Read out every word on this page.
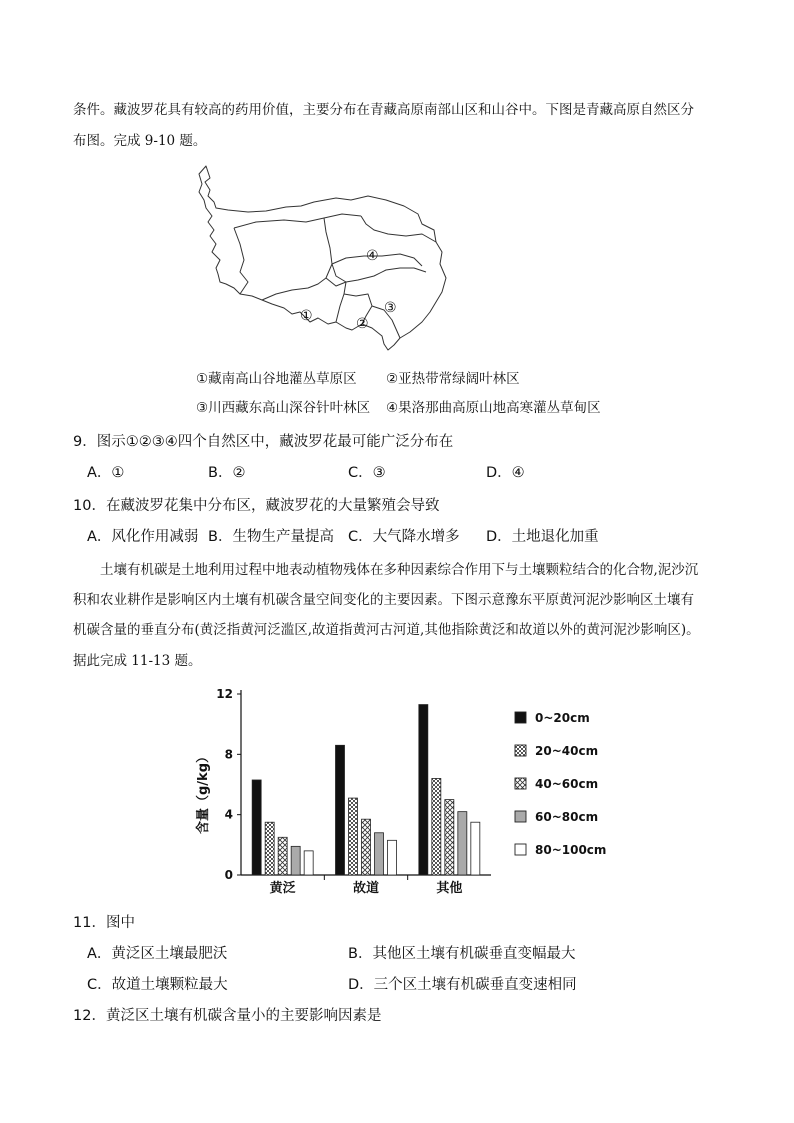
条件。藏波罗花具有较高的药用价值，主要分布在青藏高原南部山区和山谷中。下图是青藏高原自然区分
布图。完成 9-10 题。
①	②
③
④
①藏南高山谷地灌丛草原区 ②亚热带常绿阔叶林区
③川西藏东高山深谷针叶林区 ④果洛那曲高原山地高寒灌丛草甸区
9．图示①②③④四个自然区中，藏波罗花最可能广泛分布在
A．①	B．②	C．③	D．④
10．在藏波罗花集中分布区，藏波罗花的大量繁殖会导致
A．风化作用减弱 B．生物生产量提高 C．大气降水增多 D．土地退化加重
土壤有机碳是土地利用过程中地表动植物残体在多种因素综合作用下与土壤颗粒结合的化合物,泥沙沉
积和农业耕作是影响区内土壤有机碳含量空间变化的主要因素。下图示意豫东平原黄河泥沙影响区土壤有
机碳含量的垂直分布(黄泛指黄河泛滥区,故道指黄河古河道,其他指除黄泛和故道以外的黄河泥沙影响区)。
据此完成 11-13 题。
0
4
8
12
黄泛	故道	其他
0~20cm
20~40cm
40~60cm
60~80cm
80~100cm
含量（g/kg）
11．图中
A．黄泛区土壤最肥沃	B．其他区土壤有机碳垂直变幅最大
C．故道土壤颗粒最大	D．三个区土壤有机碳垂直变速相同
12．黄泛区土壤有机碳含量小的主要影响因素是
